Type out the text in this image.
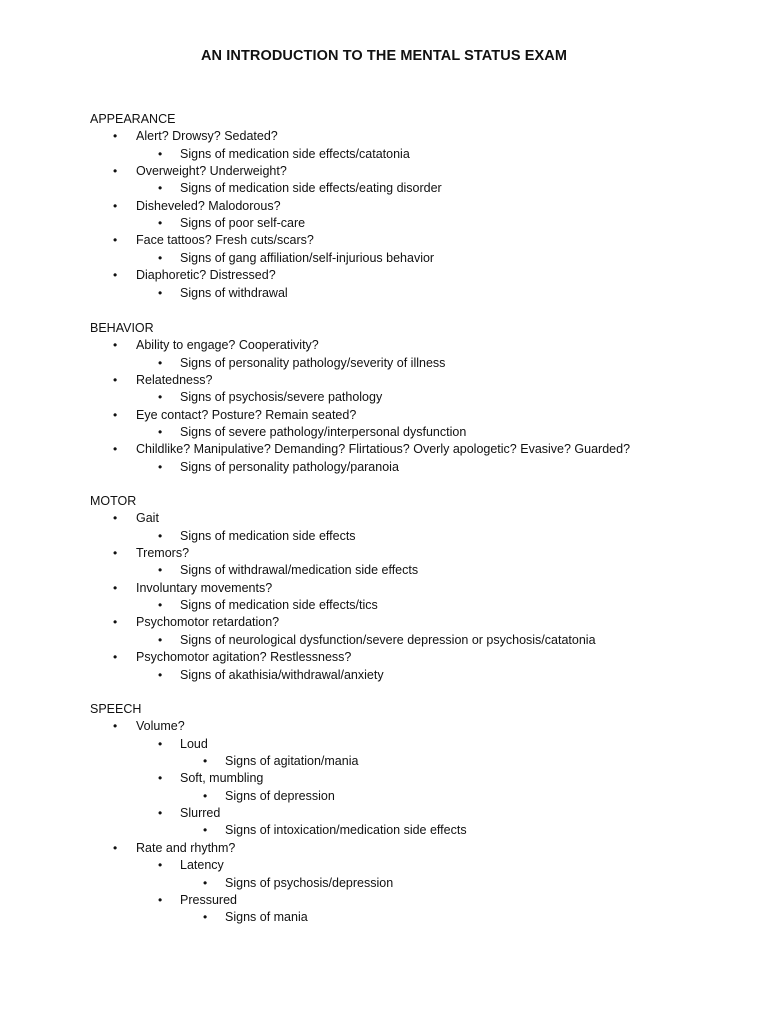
AN INTRODUCTION TO THE MENTAL STATUS EXAM
APPEARANCE
• Alert? Drowsy? Sedated?
• Signs of medication side effects/catatonia
• Overweight? Underweight?
• Signs of medication side effects/eating disorder
• Disheveled? Malodorous?
• Signs of poor self-care
• Face tattoos? Fresh cuts/scars?
• Signs of gang affiliation/self-injurious behavior
• Diaphoretic? Distressed?
• Signs of withdrawal
BEHAVIOR
• Ability to engage? Cooperativity?
• Signs of personality pathology/severity of illness
• Relatedness?
• Signs of psychosis/severe pathology
• Eye contact? Posture? Remain seated?
• Signs of severe pathology/interpersonal dysfunction
• Childlike? Manipulative? Demanding? Flirtatious? Overly apologetic? Evasive? Guarded?
• Signs of personality pathology/paranoia
MOTOR
• Gait
• Signs of medication side effects
• Tremors?
• Signs of withdrawal/medication side effects
• Involuntary movements?
• Signs of medication side effects/tics
• Psychomotor retardation?
• Signs of neurological dysfunction/severe depression or psychosis/catatonia
• Psychomotor agitation? Restlessness?
• Signs of akathisia/withdrawal/anxiety
SPEECH
• Volume?
• Loud
• Signs of agitation/mania
• Soft, mumbling
• Signs of depression
• Slurred
• Signs of intoxication/medication side effects
• Rate and rhythm?
• Latency
• Signs of psychosis/depression
• Pressured
• Signs of mania
